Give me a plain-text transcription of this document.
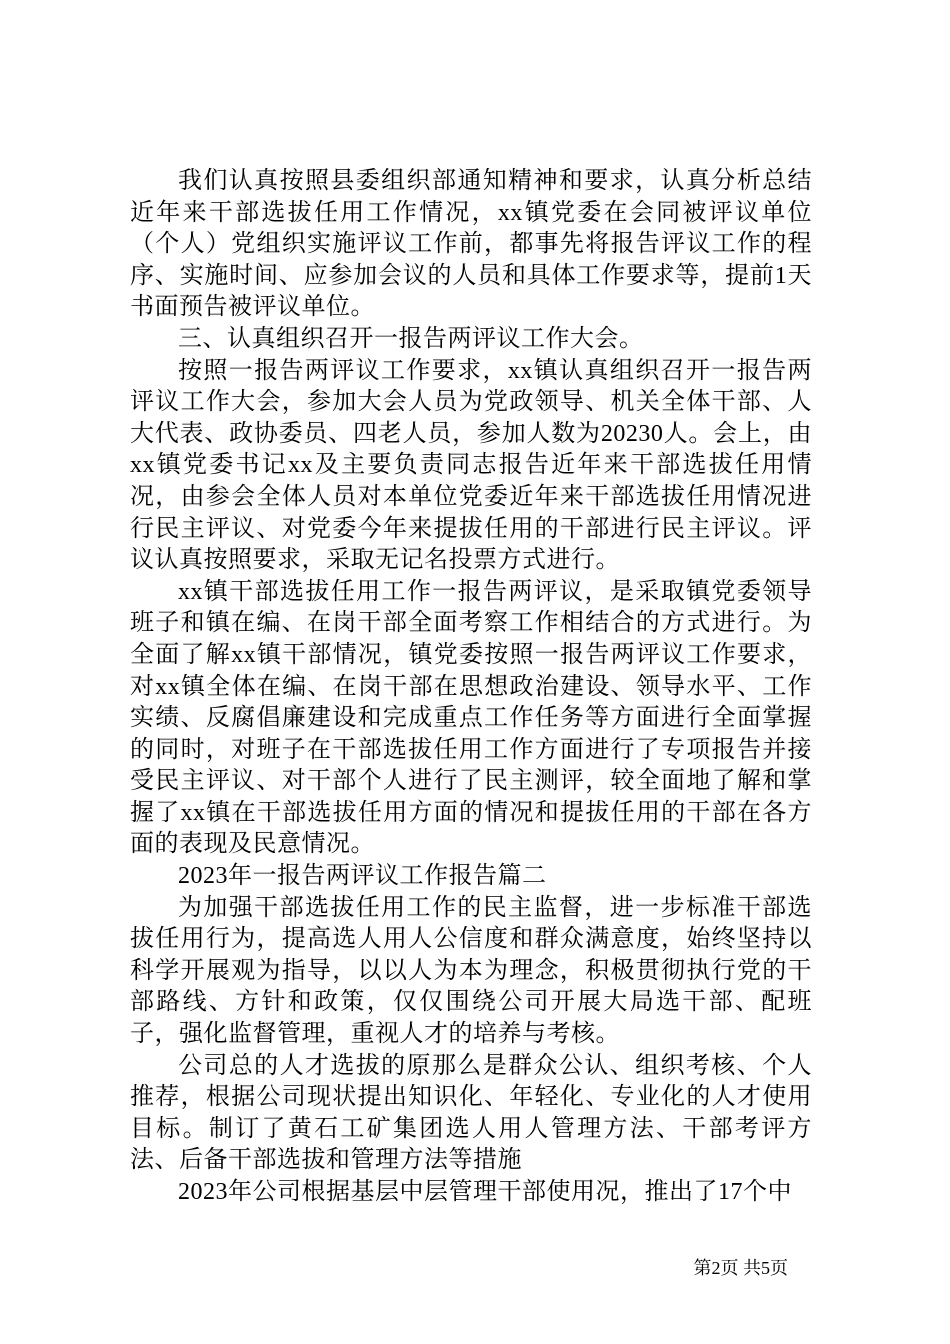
我们认真按照县委组织部通知精神和要求，认真分析总结近年来干部选拔任用工作情况，xx镇党委在会同被评议单位（个人）党组织实施评议工作前，都事先将报告评议工作的程序、实施时间、应参加会议的人员和具体工作要求等，提前1天书面预告被评议单位。

三、认真组织召开一报告两评议工作大会。

按照一报告两评议工作要求，xx镇认真组织召开一报告两评议工作大会，参加大会人员为党政领导、机关全体干部、人大代表、政协委员、四老人员，参加人数为20230人。会上，由xx镇党委书记xx及主要负责同志报告近年来干部选拔任用情况，由参会全体人员对本单位党委近年来干部选拔任用情况进行民主评议、对党委今年来提拔任用的干部进行民主评议。评议认真按照要求，采取无记名投票方式进行。

xx镇干部选拔任用工作一报告两评议，是采取镇党委领导班子和镇在编、在岗干部全面考察工作相结合的方式进行。为全面了解xx镇干部情况，镇党委按照一报告两评议工作要求，对xx镇全体在编、在岗干部在思想政治建设、领导水平、工作实绩、反腐倡廉建设和完成重点工作任务等方面进行全面掌握的同时，对班子在干部选拔任用工作方面进行了专项报告并接受民主评议、对干部个人进行了民主测评，较全面地了解和掌握了xx镇在干部选拔任用方面的情况和提拔任用的干部在各方面的表现及民意情况。

2023年一报告两评议工作报告篇二

为加强干部选拔任用工作的民主监督，进一步标准干部选拔任用行为，提高选人用人公信度和群众满意度，始终坚持以科学开展观为指导，以以人为本为理念，积极贯彻执行党的干部路线、方针和政策，仅仅围绕公司开展大局选干部、配班子，强化监督管理，重视人才的培养与考核。

公司总的人才选拔的原那么是群众公认、组织考核、个人推荐，根据公司现状提出知识化、年轻化、专业化的人才使用目标。制订了黄石工矿集团选人用人管理方法、干部考评方法、后备干部选拔和管理方法等措施

2023年公司根据基层中层管理干部使用况，推出了17个中

第2页 共5页
